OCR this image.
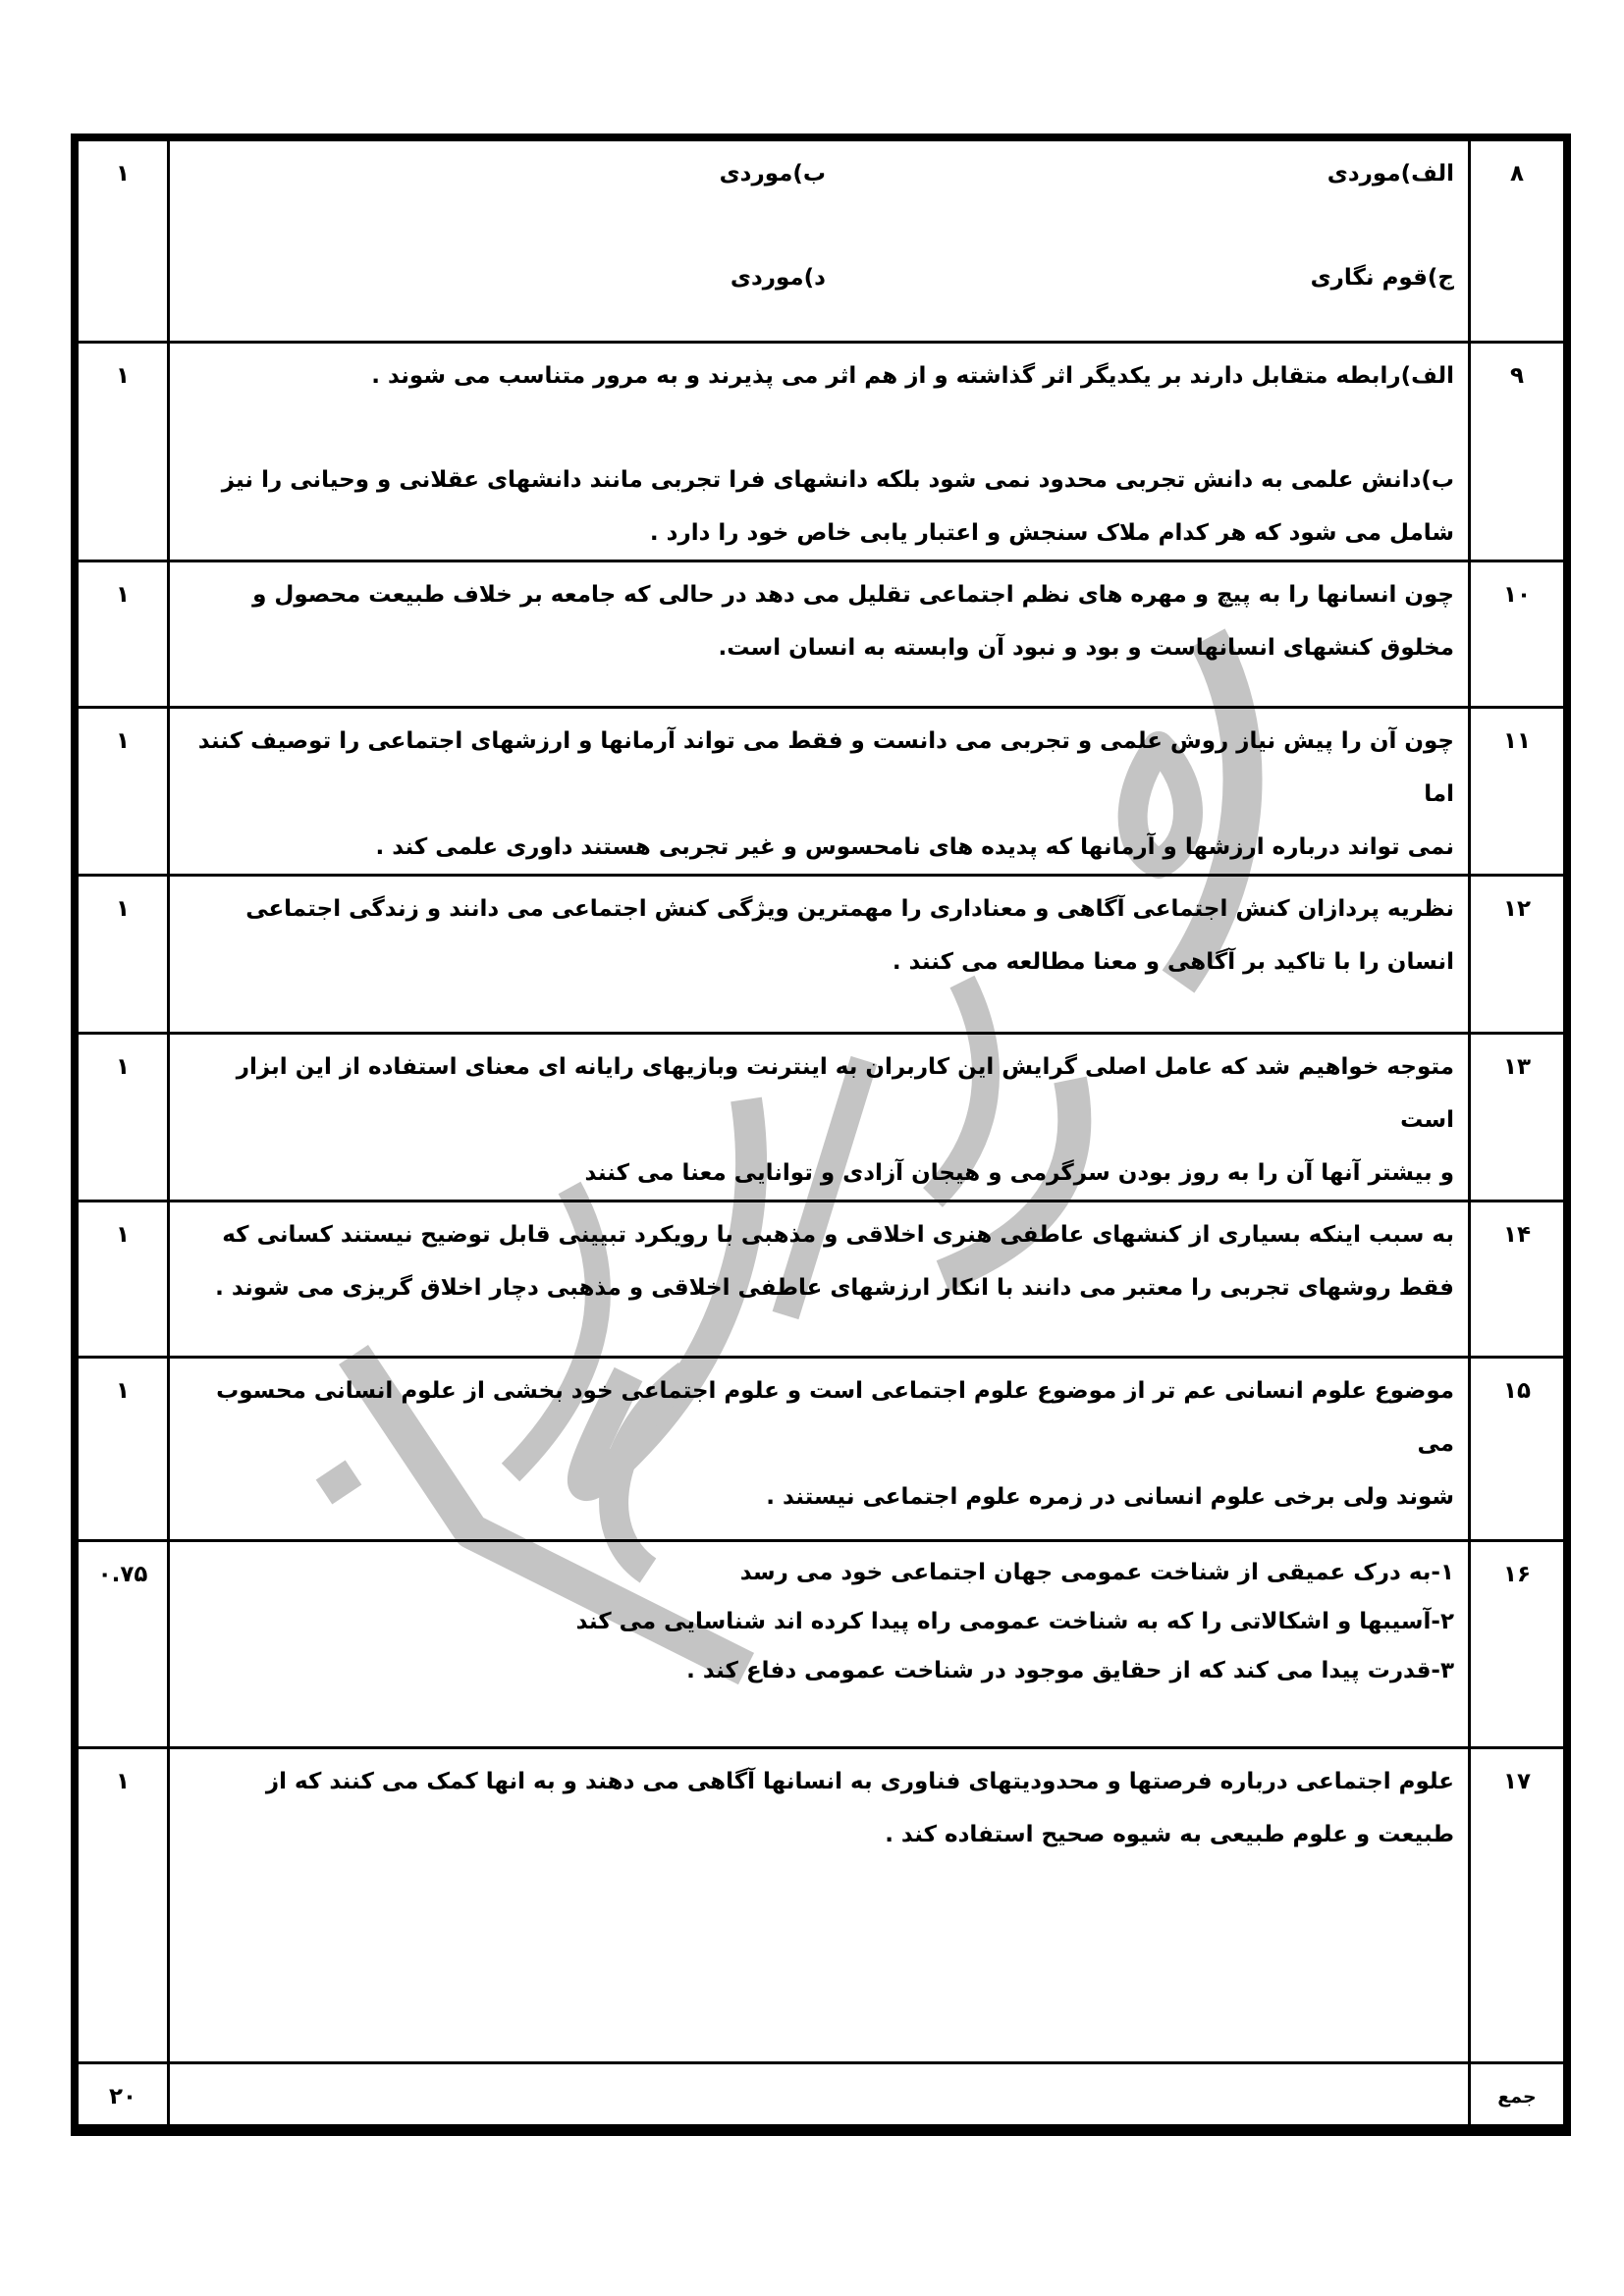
۸	الف)موردی
ب)موردی
ج)قوم نگاری
د)موردی	۱
۹	الف)رابطه متقابل دارند بر یکدیگر اثر گذاشته و از هم اثر می پذیرند و به مرور متناسب می شوند .
ب)دانش علمی به دانش تجربی محدود نمی شود بلکه دانشهای فرا تجربی مانند دانشهای عقلانی و وحیانی را نیز
شامل می شود که هر کدام ملاک سنجش و اعتبار یابی خاص خود را دارد .	۱
۱۰	چون انسانها را به پیچ و مهره های نظم اجتماعی تقلیل می دهد در حالی که جامعه بر خلاف طبیعت محصول و
مخلوق کنشهای انسانهاست و بود و نبود آن وابسته به انسان است.	۱
۱۱	چون آن را پیش نیاز روش علمی و تجربی می دانست و فقط می تواند آرمانها و ارزشهای اجتماعی را توصیف کنند اما
نمی تواند درباره ارزشها و آرمانها که پدیده های نامحسوس و غیر تجربی هستند داوری علمی کند .	۱
۱۲	نظریه پردازان کنش اجتماعی آگاهی و معناداری را مهمترین ویژگی کنش اجتماعی می دانند و زندگی اجتماعی
انسان را با تاکید بر آگاهی و معنا مطالعه می کنند .	۱
۱۳	متوجه خواهیم شد که عامل اصلی گرایش این کاربران به اینترنت وبازیهای رایانه ای معنای استفاده از این ابزار است
و بیشتر آنها آن را به روز بودن سرگرمی و هیجان آزادی و توانایی معنا می کنند	۱
۱۴	به سبب اینکه بسیاری از کنشهای عاطفی هنری اخلاقی و مذهبی با رویکرد تبیینی قابل توضیح نیستند کسانی که
فقط روشهای تجربی را معتبر می دانند با انکار ارزشهای عاطفی اخلاقی و مذهبی دچار اخلاق گریزی می شوند .	۱
۱۵	موضوع علوم انسانی عم تر از موضوع علوم اجتماعی است و علوم اجتماعی خود بخشی از علوم انسانی محسوب می
شوند ولی برخی علوم انسانی در زمره علوم اجتماعی نیستند .	۱
۱۶	۱-به درک عمیقی از شناخت عمومی جهان اجتماعی خود می رسد
۲-آسیبها و اشکالاتی را که به شناخت عمومی راه پیدا کرده اند شناسایی می کند
۳-قدرت پیدا می کند که از حقایق موجود در شناخت عمومی دفاع کند .	۰.۷۵
۱۷	علوم اجتماعی درباره فرصتها و محدودیتهای فناوری به انسانها آگاهی می دهند و به انها کمک می کنند که از
طبیعت و علوم طبیعی به شیوه صحیح استفاده کند .	۱
جمع		۲۰
